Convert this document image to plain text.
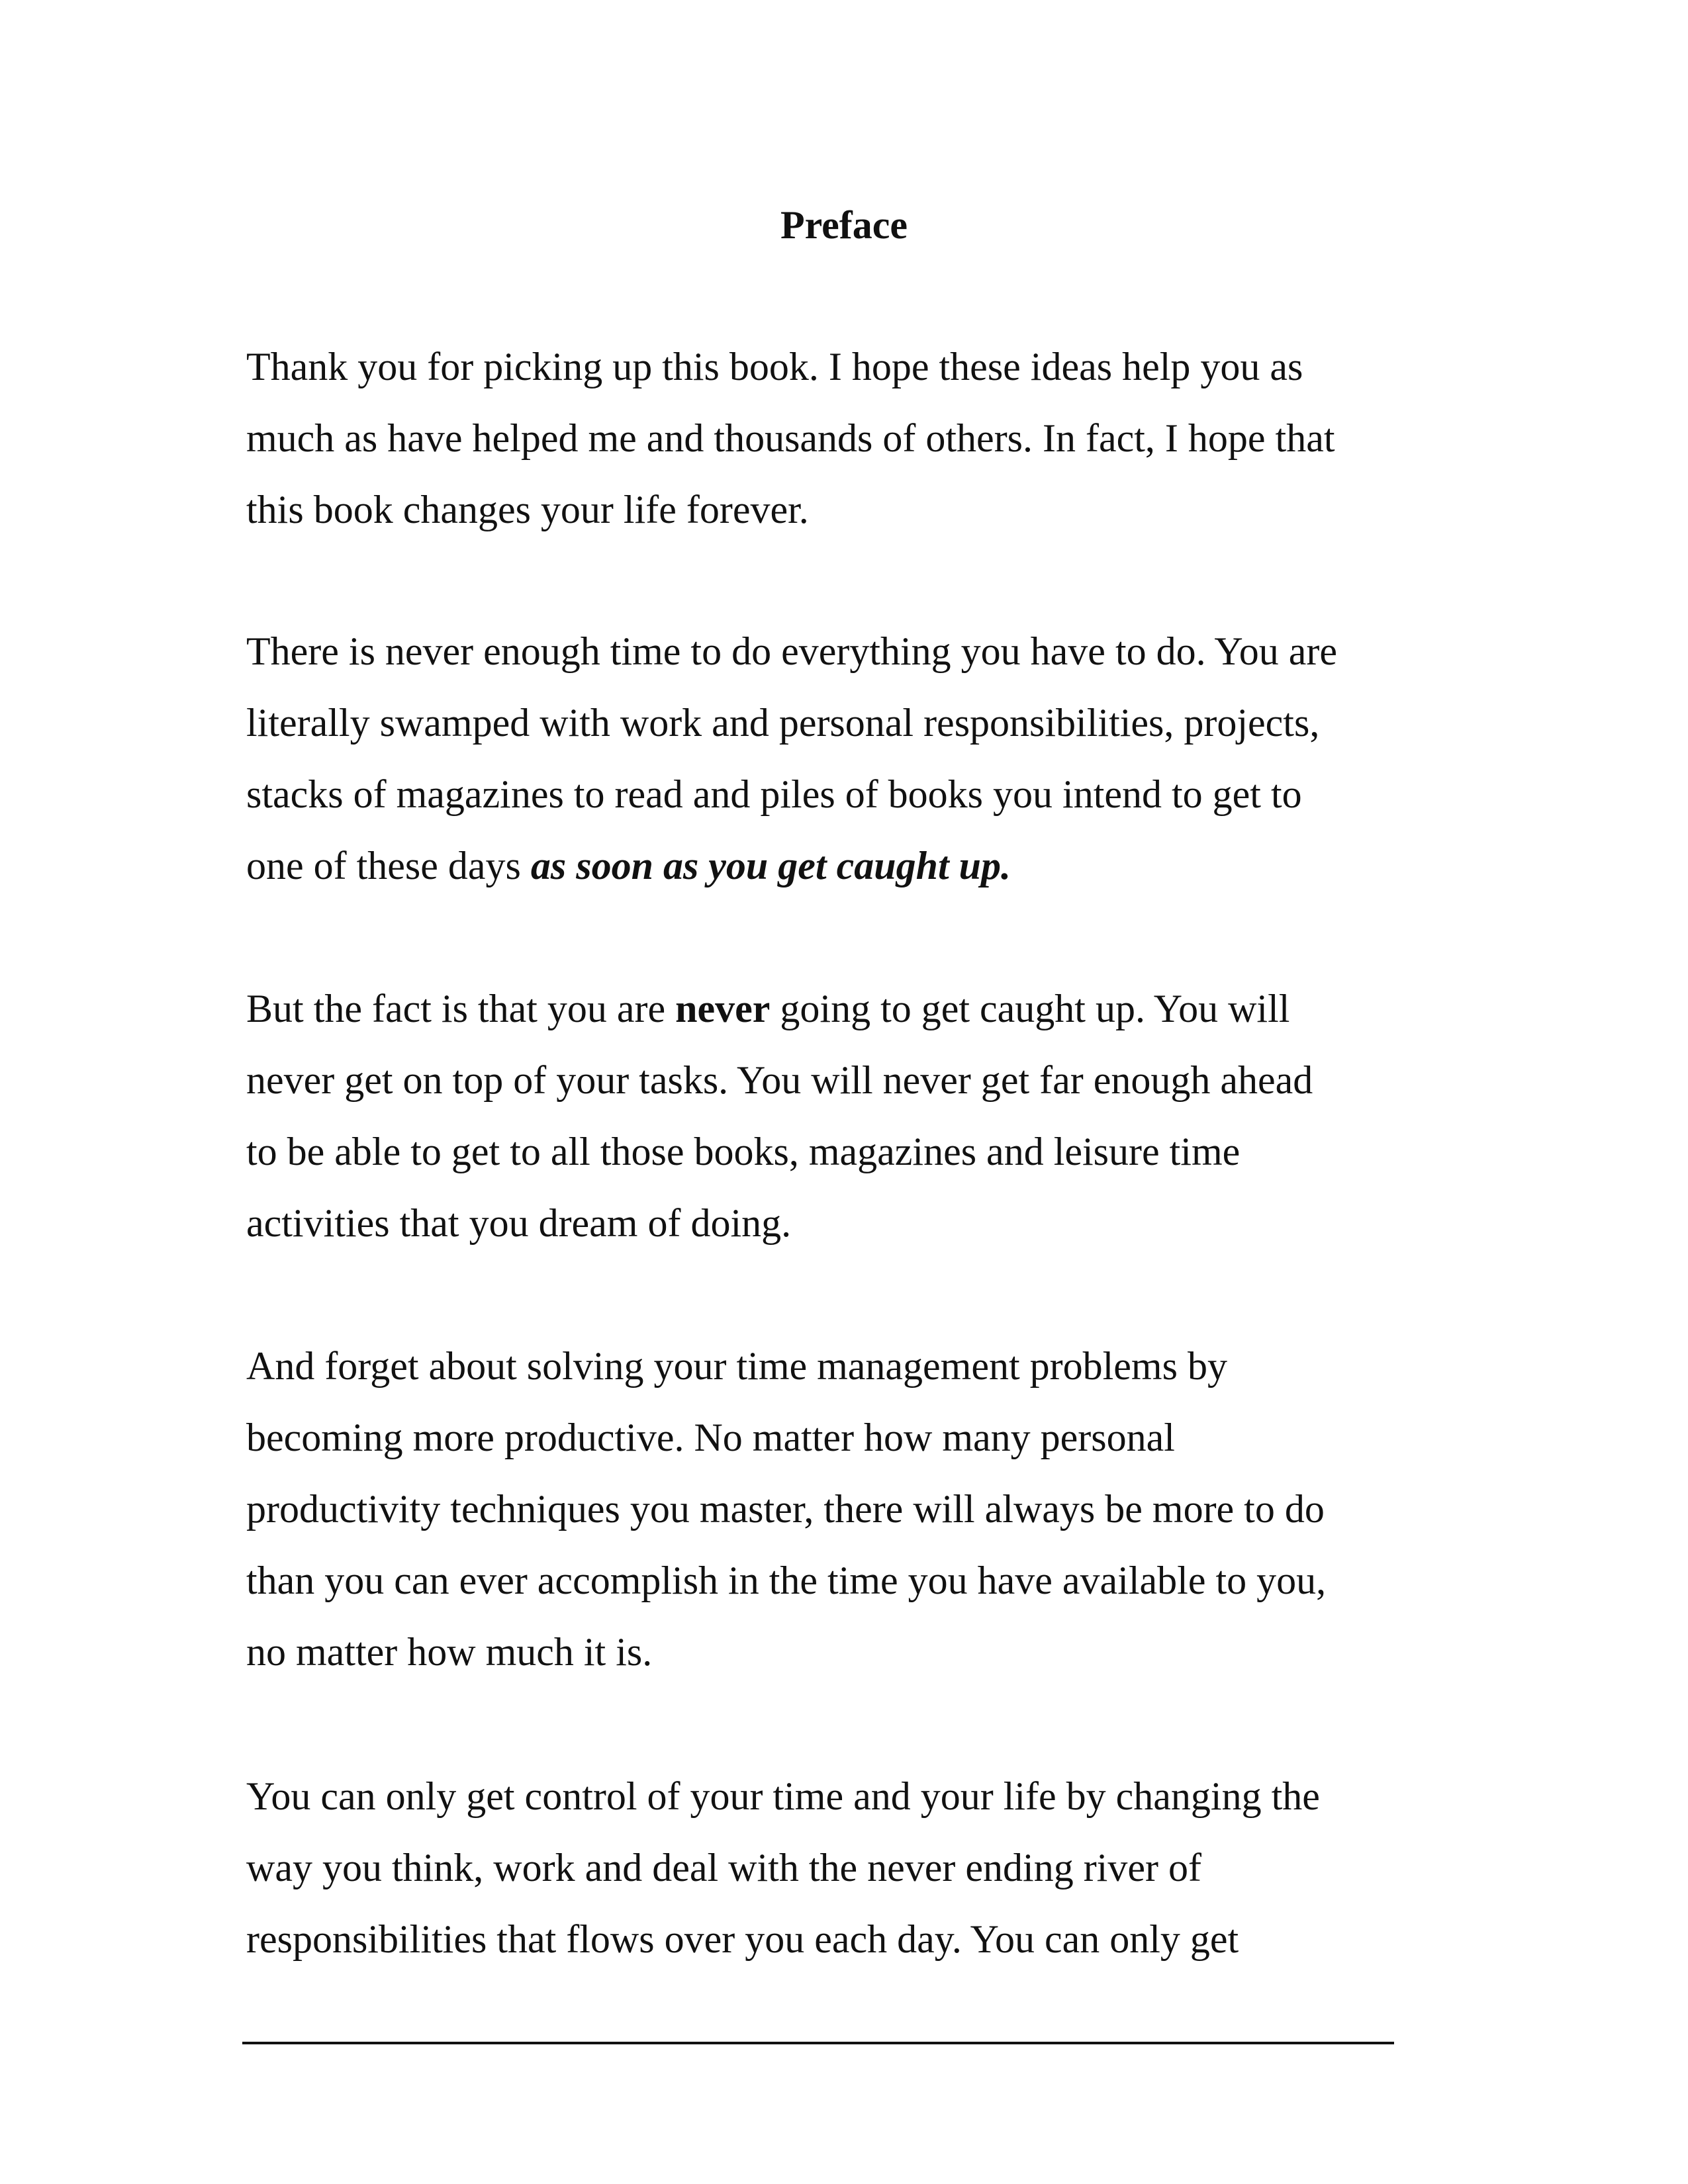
Preface
Thank you for picking up this book. I hope these ideas help you as
much as have helped me and thousands of others. In fact, I hope that
this book changes your life forever.
There is never enough time to do everything you have to do. You are
literally swamped with work and personal responsibilities, projects,
stacks of magazines to read and piles of books you intend to get to
one of these days as soon as you get caught up.
But the fact is that you are never going to get caught up. You will
never get on top of your tasks. You will never get far enough ahead
to be able to get to all those books, magazines and leisure time
activities that you dream of doing.
And forget about solving your time management problems by
becoming more productive. No matter how many personal
productivity techniques you master, there will always be more to do
than you can ever accomplish in the time you have available to you,
no matter how much it is.
You can only get control of your time and your life by changing the
way you think, work and deal with the never ending river of
responsibilities that flows over you each day. You can only get
